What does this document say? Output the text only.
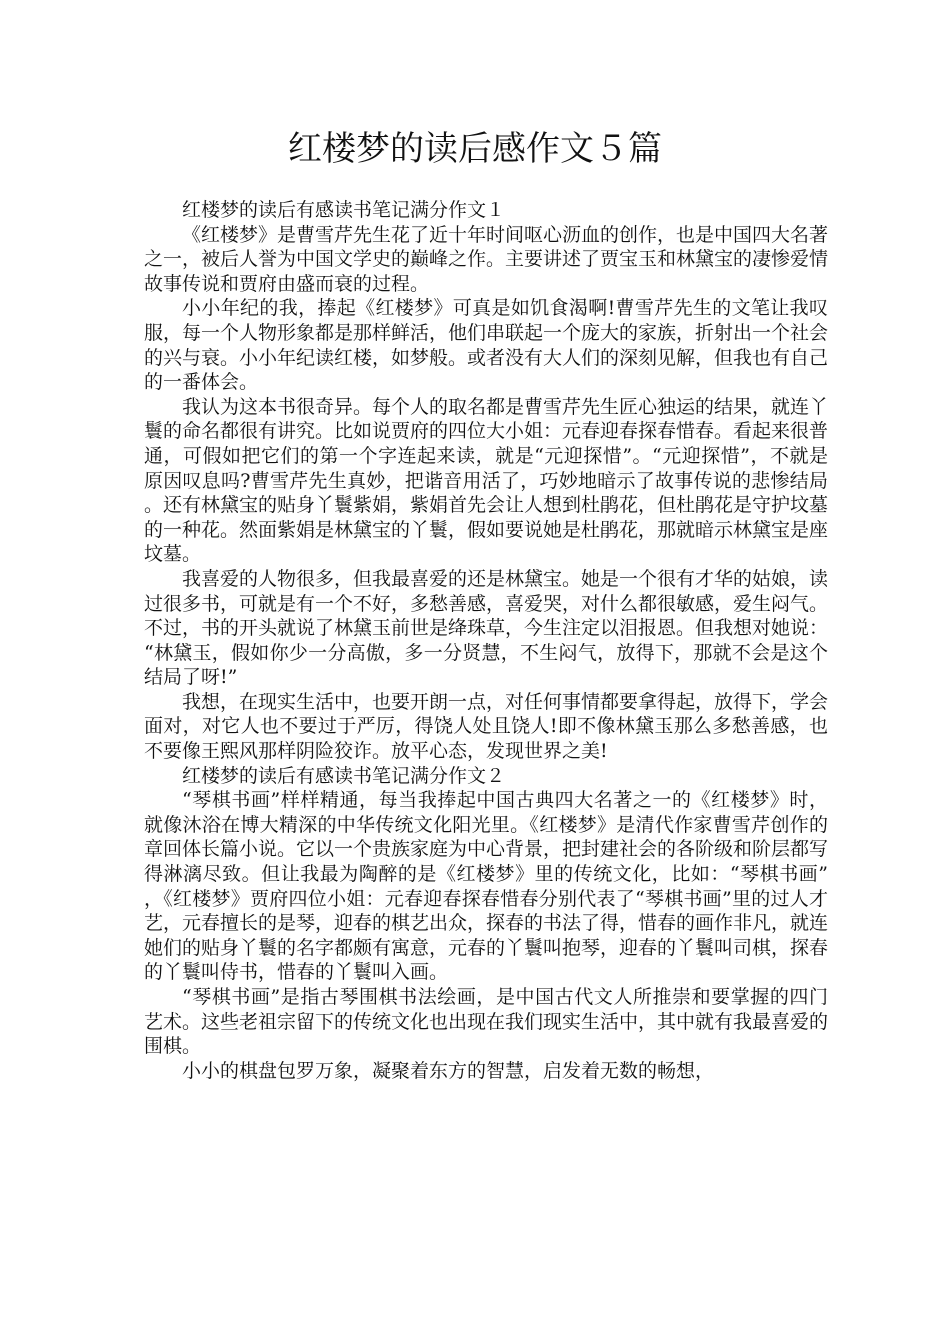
红楼梦的读后感作文５篇

红楼梦的读后有感读书笔记满分作文１

《红楼梦》是曹雪芹先生花了近十年时间呕心沥血的创作，也是中国四大名著之一，被后人誉为中国文学史的巅峰之作。主要讲述了贾宝玉和林黛宝的凄惨爱情故事传说和贾府由盛而衰的过程。

小小年纪的我，捧起《红楼梦》可真是如饥食渴啊!曹雪芹先生的文笔让我叹服，每一个人物形象都是那样鲜活，他们串联起一个庞大的家族，折射出一个社会的兴与衰。小小年纪读红楼，如梦般。或者没有大人们的深刻见解，但我也有自己的一番体会。

我认为这本书很奇异。每个人的取名都是曹雪芹先生匠心独运的结果，就连丫鬟的命名都很有讲究。比如说贾府的四位大小姐：元春迎春探春惜春。看起来很普通，可假如把它们的第一个字连起来读，就是“元迎探惜”。“元迎探惜”，不就是原因叹息吗?曹雪芹先生真妙，把谐音用活了，巧妙地暗示了故事传说的悲惨结局。还有林黛宝的贴身丫鬟紫娟，紫娟首先会让人想到杜鹃花，但杜鹃花是守护坟墓的一种花。然面紫娟是林黛宝的丫鬟，假如要说她是杜鹃花，那就暗示林黛宝是座坟墓。

我喜爱的人物很多，但我最喜爱的还是林黛宝。她是一个很有才华的姑娘，读过很多书，可就是有一个不好，多愁善感，喜爱哭，对什么都很敏感，爱生闷气。不过，书的开头就说了林黛玉前世是绛珠草，今生注定以泪报恩。但我想对她说：“林黛玉，假如你少一分高傲，多一分贤慧，不生闷气，放得下，那就不会是这个结局了呀!”

我想，在现实生活中，也要开朗一点，对任何事情都要拿得起，放得下，学会面对，对它人也不要过于严厉，得饶人处且饶人!即不像林黛玉那么多愁善感，也不要像王熙风那样阴险狡诈。放平心态，发现世界之美!

红楼梦的读后有感读书笔记满分作文２

“琴棋书画”样样精通，每当我捧起中国古典四大名著之一的《红楼梦》时，就像沐浴在博大精深的中华传统文化阳光里。《红楼梦》是清代作家曹雪芹创作的章回体长篇小说。它以一个贵族家庭为中心背景，把封建社会的各阶级和阶层都写得淋漓尽致。但让我最为陶醉的是《红楼梦》里的传统文化，比如：“琴棋书画”，《红楼梦》贾府四位小姐：元春迎春探春惜春分别代表了“琴棋书画”里的过人才艺，元春擅长的是琴，迎春的棋艺出众，探春的书法了得，惜春的画作非凡，就连她们的贴身丫鬟的名字都颇有寓意，元春的丫鬟叫抱琴，迎春的丫鬟叫司棋，探春的丫鬟叫侍书，惜春的丫鬟叫入画。

“琴棋书画”是指古琴围棋书法绘画，是中国古代文人所推崇和要掌握的四门艺术。这些老祖宗留下的传统文化也出现在我们现实生活中，其中就有我最喜爱的围棋。

小小的棋盘包罗万象，凝聚着东方的智慧，启发着无数的畅想，
